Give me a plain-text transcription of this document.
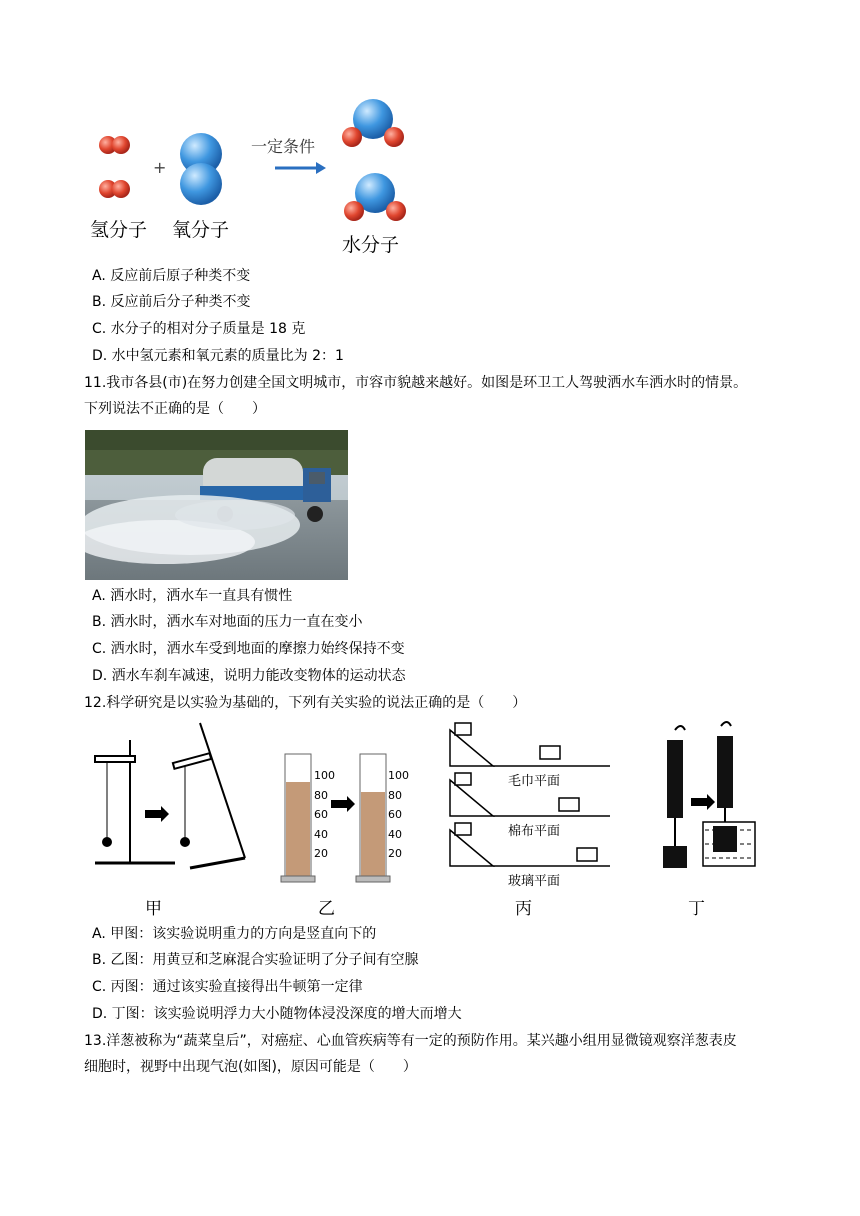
+
一定条件
氢分子 氧分子
水分子
A. 反应前后原子种类不变
B. 反应前后分子种类不变
C. 水分子的相对分子质量是 18 克
D. 水中氢元素和氧元素的质量比为 2：1
11.我市各县(市)在努力创建全国文明城市，市容市貌越来越好。如图是环卫工人驾驶洒水车洒水时的情景。
下列说法不正确的是（　　）
A. 洒水时，洒水车一直具有惯性
B. 洒水时，洒水车对地面的压力一直在变小
C. 洒水时，洒水车受到地面的摩擦力始终保持不变
D. 洒水车刹车减速，说明力能改变物体的运动状态
12.科学研究是以实验为基础的，下列有关实验的说法正确的是（　　）
100
80
60
40
20
100
80
60
40
20
毛巾平面
棉布平面
玻璃平面
甲	乙	丙	丁
A. 甲图：该实验说明重力的方向是竖直向下的
B. 乙图：用黄豆和芝麻混合实验证明了分子间有空腺
C. 丙图：通过该实验直接得出牛顿第一定律
D. 丁图：该实验说明浮力大小随物体浸没深度的增大而增大
13.洋葱被称为“蔬菜皇后”，对癌症、心血管疾病等有一定的预防作用。某兴趣小组用显微镜观察洋葱表皮
细胞时，视野中出现气泡(如图)，原因可能是（　　）
